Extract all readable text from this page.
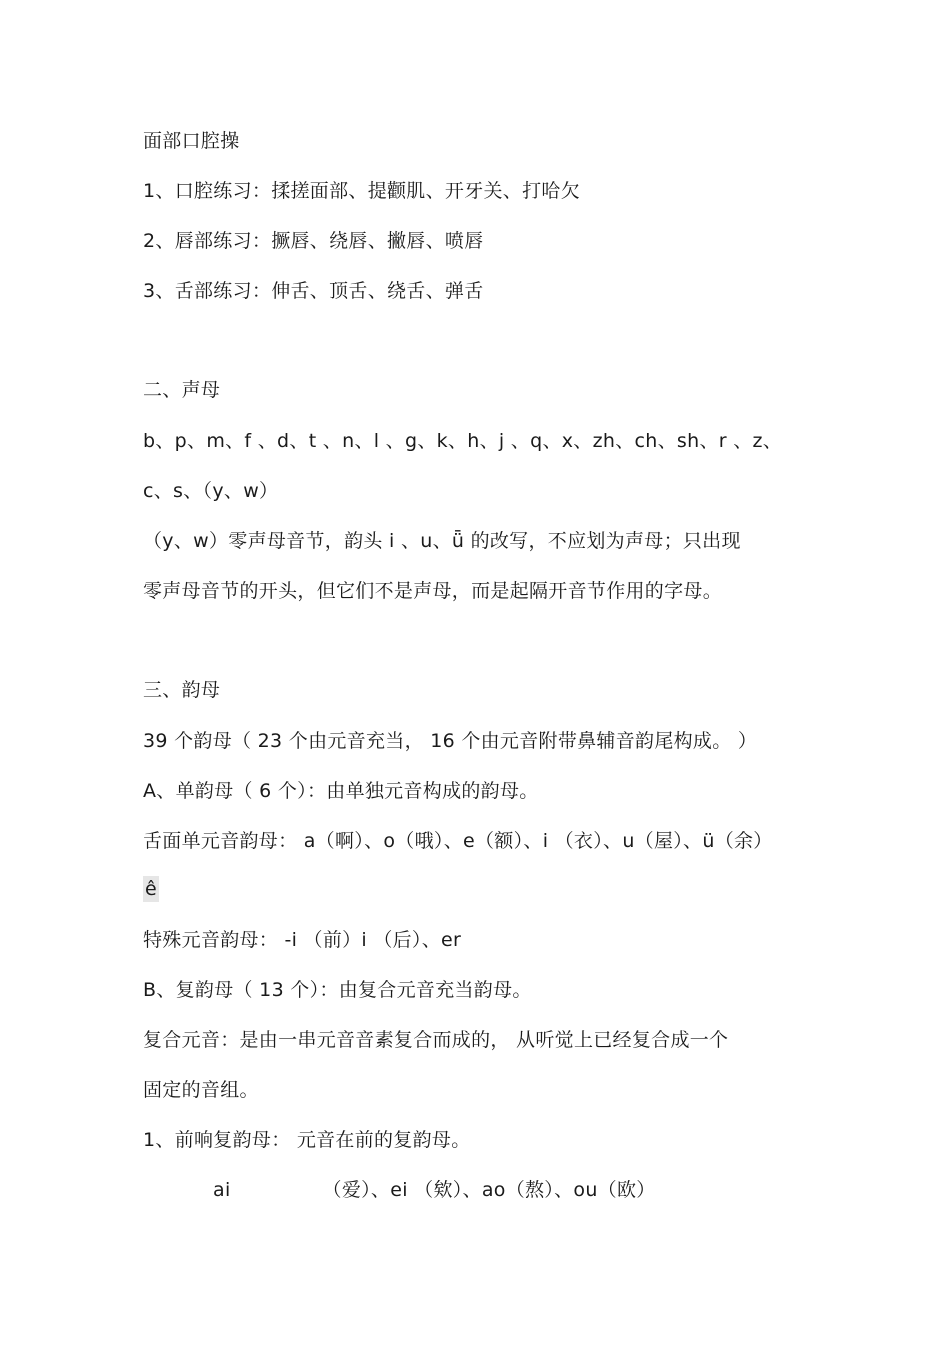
面部口腔操
1、口腔练习：揉搓面部、提颧肌、开牙关、打哈欠
2、唇部练习：撅唇、绕唇、撇唇、喷唇
3、舌部练习：伸舌、顶舌、绕舌、弹舌
二、声母
b、p、m、f 、d、t 、n、l 、g、k、h、j 、q、x、zh、ch、sh、r 、z、
c、s、（y、w）
（y、w）零声母音节，韵头 i 、u、ǖ 的改写，不应划为声母；只出现
零声母音节的开头，但它们不是声母，而是起隔开音节作用的字母。
三、韵母
39 个韵母（ 23 个由元音充当， 16 个由元音附带鼻辅音韵尾构成。 ）
A、单韵母（ 6 个）：由单独元音构成的韵母。
舌面单元音韵母： a（啊）、o（哦）、e（额）、i （衣）、u（屋）、ü（余）
ê
特殊元音韵母： -i （前）i （后）、er
B、复韵母（ 13 个）：由复合元音充当韵母。
复合元音：是由一串元音音素复合而成的， 从听觉上已经复合成一个
固定的音组。
1、前响复韵母： 元音在前的复韵母。
ai	（爱）、ei （欸）、ao（熬）、ou（欧）
